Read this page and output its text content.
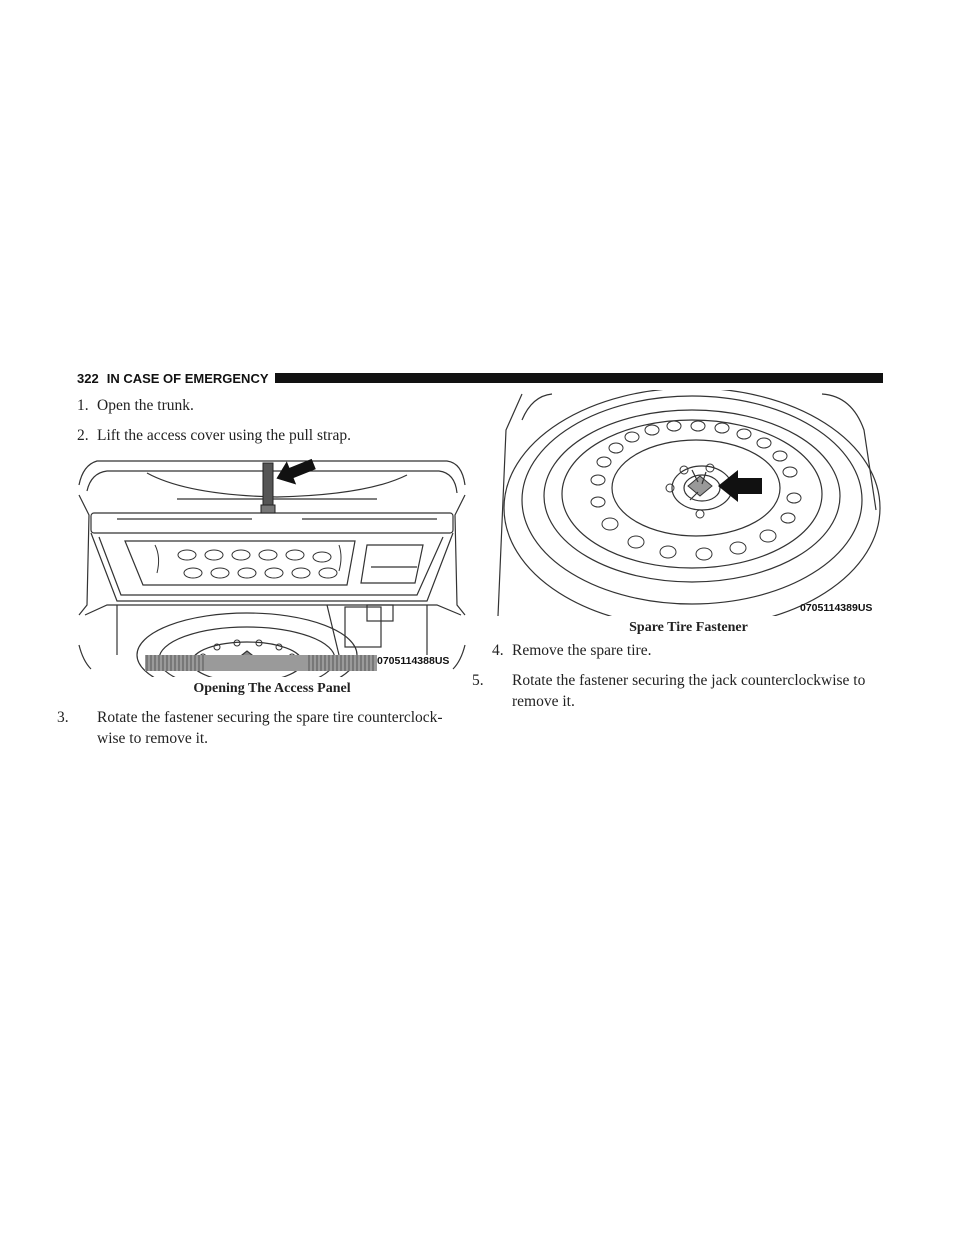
322 IN CASE OF EMERGENCY

1. Open the trunk.

2. Lift the access cover using the pull strap.

0705114388US

Opening The Access Panel

3. Rotate the fastener securing the spare tire counterclock-wise to remove it.

0705114389US

Spare Tire Fastener

4. Remove the spare tire.

5. Rotate the fastener securing the jack counterclockwise to remove it.
